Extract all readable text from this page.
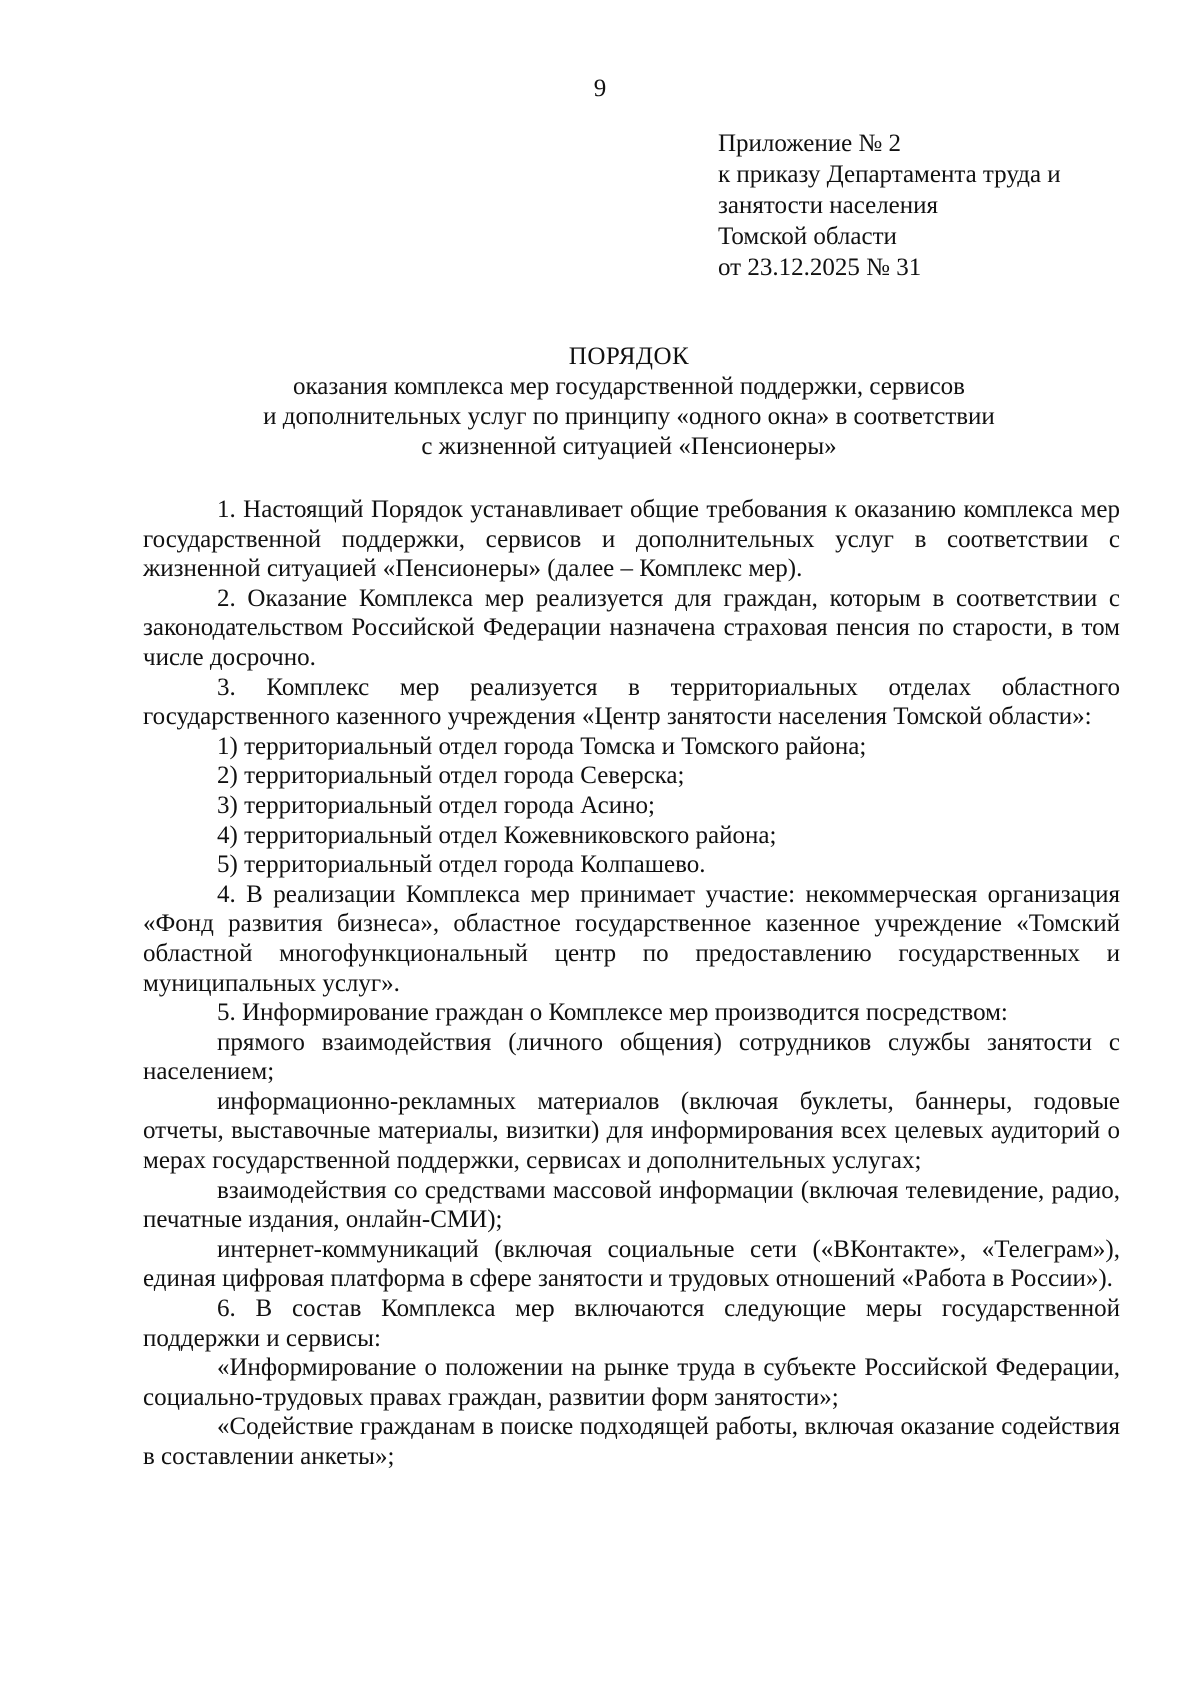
9
Приложение № 2
к приказу Департамента труда и
занятости населения
Томской области
от 23.12.2025 № 31
ПОРЯДОК
оказания комплекса мер государственной поддержки, сервисов
и дополнительных услуг по принципу «одного окна» в соответствии
с жизненной ситуацией «Пенсионеры»

1. Настоящий Порядок устанавливает общие требования к оказанию комплекса мер государственной поддержки, сервисов и дополнительных услуг в соответствии с жизненной ситуацией «Пенсионеры» (далее – Комплекс мер).

2. Оказание Комплекса мер реализуется для граждан, которым в соответствии с законодательством Российской Федерации назначена страховая пенсия по старости, в том числе досрочно.

3. Комплекс мер реализуется в территориальных отделах областного государственного казенного учреждения «Центр занятости населения Томской области»:

1) территориальный отдел города Томска и Томского района;

2) территориальный отдел города Северска;

3) территориальный отдел города Асино;

4) территориальный отдел Кожевниковского района;

5) территориальный отдел города Колпашево.

4. В реализации Комплекса мер принимает участие: некоммерческая организация «Фонд развития бизнеса», областное государственное казенное учреждение «Томский областной многофункциональный центр по предоставлению государственных и муниципальных услуг».

5. Информирование граждан о Комплексе мер производится посредством:

прямого взаимодействия (личного общения) сотрудников службы занятости с населением;

информационно-рекламных материалов (включая буклеты, баннеры, годовые отчеты, выставочные материалы, визитки) для информирования всех целевых аудиторий о мерах государственной поддержки, сервисах и дополнительных услугах;

взаимодействия со средствами массовой информации (включая телевидение, радио, печатные издания, онлайн-СМИ);

интернет-коммуникаций (включая социальные сети («ВКонтакте», «Телеграм»), единая цифровая платформа в сфере занятости и трудовых отношений «Работа в России»).

6. В состав Комплекса мер включаются следующие меры государственной поддержки и сервисы:

«Информирование о положении на рынке труда в субъекте Российской Федерации, социально-трудовых правах граждан, развитии форм занятости»;

«Содействие гражданам в поиске подходящей работы, включая оказание содействия в составлении анкеты»;
